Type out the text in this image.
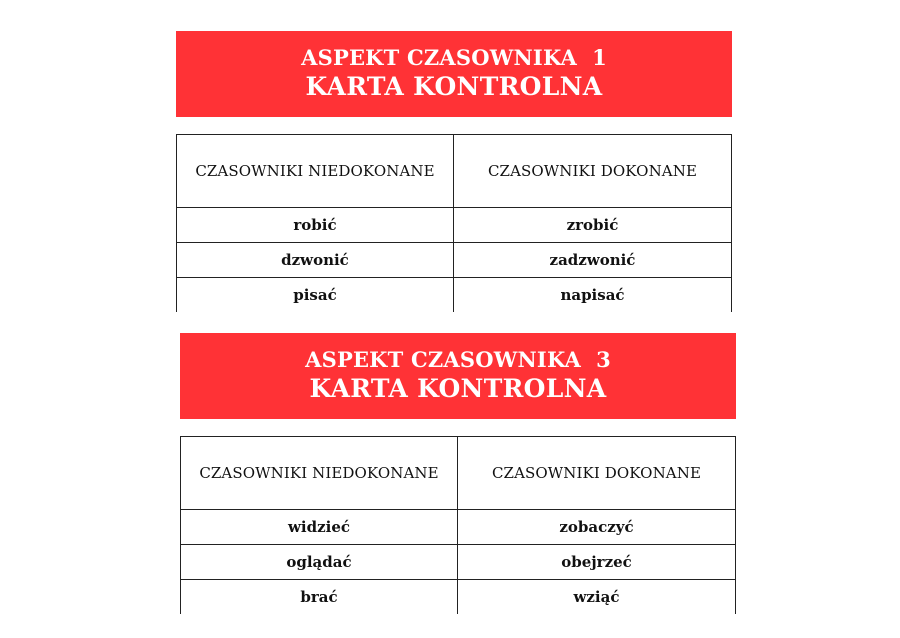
ASPEKT CZASOWNIKA  1
KARTA KONTROLNA
CZASOWNIKI NIEDOKONANE	CZASOWNIKI DOKONANE
robić	zrobić
dzwonić	zadzwonić
pisać	napisać
ASPEKT CZASOWNIKA  3
KARTA KONTROLNA
CZASOWNIKI NIEDOKONANE	CZASOWNIKI DOKONANE
widzieć	zobaczyć
oglądać	obejrzeć
brać	wziąć
